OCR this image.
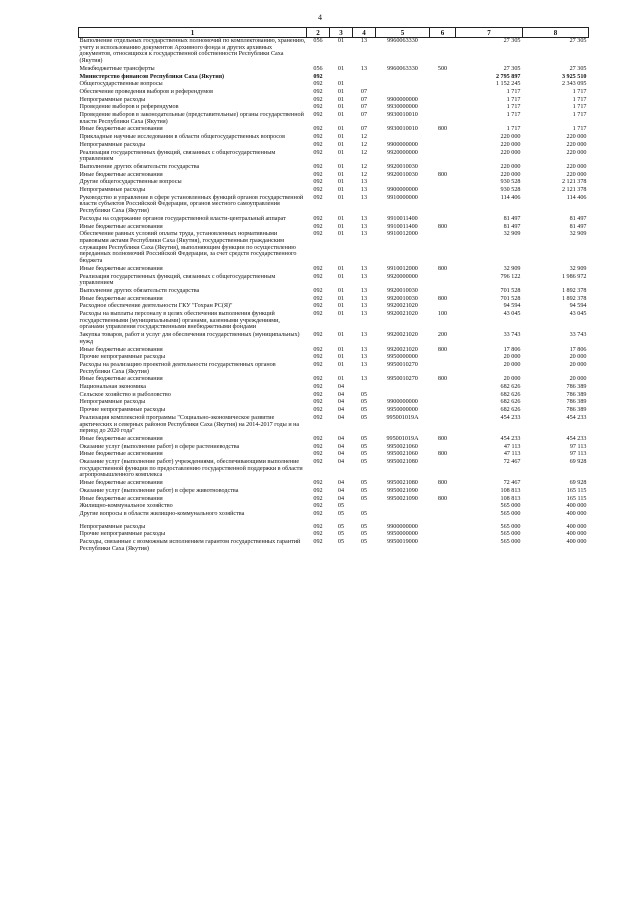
4
1	2	3	4	5	6	7	8
Выполнение отдельных государственных полномочий по комплектованию, хранению, учету и использованию документов Архивного фонда и других архивных документов, относящихся к государственной собственности Республики Саха (Якутия)	056	01	13	9960063330		27 305	27 305
Межбюджетные трансферты	056	01	13	9960063330	500	27 305	27 305
Министерство финансов Республики Саха (Якутия)	092					2 795 897	3 925 510
Общегосударственные вопросы	092	01				1 152 245	2 343 095
Обеспечение проведения выборов и референдумов	092	01	07			1 717	1 717
Непрограммные расходы	092	01	07	9900000000		1 717	1 717
Проведение выборов и референдумов	092	01	07	9930000000		1 717	1 717
Проведение выборов в законодательные (представительные) органы государственной власти Республики Саха (Якутия)	092	01	07	9930010010		1 717	1 717
Иные бюджетные ассигнования	092	01	07	9930010010	800	1 717	1 717
Прикладные научные исследования в области общегосударственных вопросов	092	01	12			220 000	220 000
Непрограммные расходы	092	01	12	9900000000		220 000	220 000
Реализация государственных функций, связанных с общегосударственным управлением	092	01	12	9920000000		220 000	220 000
Выполнение других обязательств государства	092	01	12	9920010030		220 000	220 000
Иные бюджетные ассигнования	092	01	12	9920010030	800	220 000	220 000
Другие общегосударственные вопросы	092	01	13			930 528	2 121 378
Непрограммные расходы	092	01	13	9900000000		930 528	2 121 378
Руководство и управление в сфере установленных функций органов государственной власти субъектов Российской Федерации, органов местного самоуправления Республики Саха (Якутия)	092	01	13	9910000000		114 406	114 406
Расходы на содержание органов государственной власти-центральный аппарат	092	01	13	9910011400		81 497	81 497
Иные бюджетные ассигнования	092	01	13	9910011400	800	81 497	81 497
Обеспечение равных условий оплаты труда, установленных нормативными правовыми актами Республики Саха (Якутия), государственным гражданским служащим Республики Саха (Якутия), выполняющим функции по осуществлению переданных полномочий Российской Федерации, за счет средств государственного бюджета	092	01	13	9910012000		32 909	32 909
Иные бюджетные ассигнования	092	01	13	9910012000	800	32 909	32 909
Реализация государственных функций, связанных с общегосударственным управлением	092	01	13	9920000000		796 122	1 986 972
Выполнение других обязательств государства	092	01	13	9920010030		701 528	1 892 378
Иные бюджетные ассигнования	092	01	13	9920010030	800	701 528	1 892 378
Расходное обеспечение деятельности ГКУ "Гохран РС(Я)"	092	01	13	9920021020		94 594	94 594
Расходы на выплаты персоналу в целях обеспечения выполнения функций государственными (муниципальными) органами, казенными учреждениями, органами управления государственными внебюджетными фондами	092	01	13	9920021020	100	43 045	43 045
Закупка товаров, работ и услуг для обеспечения государственных (муниципальных) нужд	092	01	13	9920021020	200	33 743	33 743
Иные бюджетные ассигнования	092	01	13	9920021020	800	17 806	17 806
Прочие непрограммные расходы	092	01	13	9950000000		20 000	20 000
Расходы на реализацию проектной деятельности государственных органов Республики Саха (Якутия)	092	01	13	9950010270		20 000	20 000
Иные бюджетные ассигнования	092	01	13	9950010270	800	20 000	20 000
Национальная экономика	092	04				682 626	786 389
Сельское хозяйство и рыболовство	092	04	05			682 626	786 389
Непрограммные расходы	092	04	05	9900000000		682 626	786 389
Прочие непрограммные расходы	092	04	05	9950000000		682 626	786 389
Реализация комплексной программы "Социально-экономическое развитие арктических и северных районов Республики Саха (Якутия) на 2014-2017 годы и на период до 2020 года"	092	04	05	995001019A		454 233	454 233
Иные бюджетные ассигнования	092	04	05	995001019A	800	454 233	454 233
Оказание услуг (выполнение работ) в сфере растениеводства	092	04	05	9950021060		47 113	97 113
Иные бюджетные ассигнования	092	04	05	9950021060	800	47 113	97 113
Оказание услуг (выполнение работ) учреждениями, обеспечивающими выполнение государственной функции по предоставлению государственной поддержки в области агропромышленного комплекса	092	04	05	9950021080		72 467	69 928
Иные бюджетные ассигнования	092	04	05	9950021080	800	72 467	69 928
Оказание услуг (выполнение работ) в сфере животноводства	092	04	05	9950021090		108 813	165 115
Иные бюджетные ассигнования	092	04	05	9950021090	800	108 813	165 115
Жилищно-коммунальное хозяйство	092	05				565 000	400 000
Другие вопросы в области жилищно-коммунального хозяйства	092	05	05			565 000	400 000
Непрограммные расходы	092	05	05	9900000000		565 000	400 000
Прочие непрограммные расходы	092	05	05	9950000000		565 000	400 000
Расходы, связанные с возможным исполнением гарантом государственных гарантий Республики Саха (Якутия)	092	05	05	9950019000		565 000	400 000
